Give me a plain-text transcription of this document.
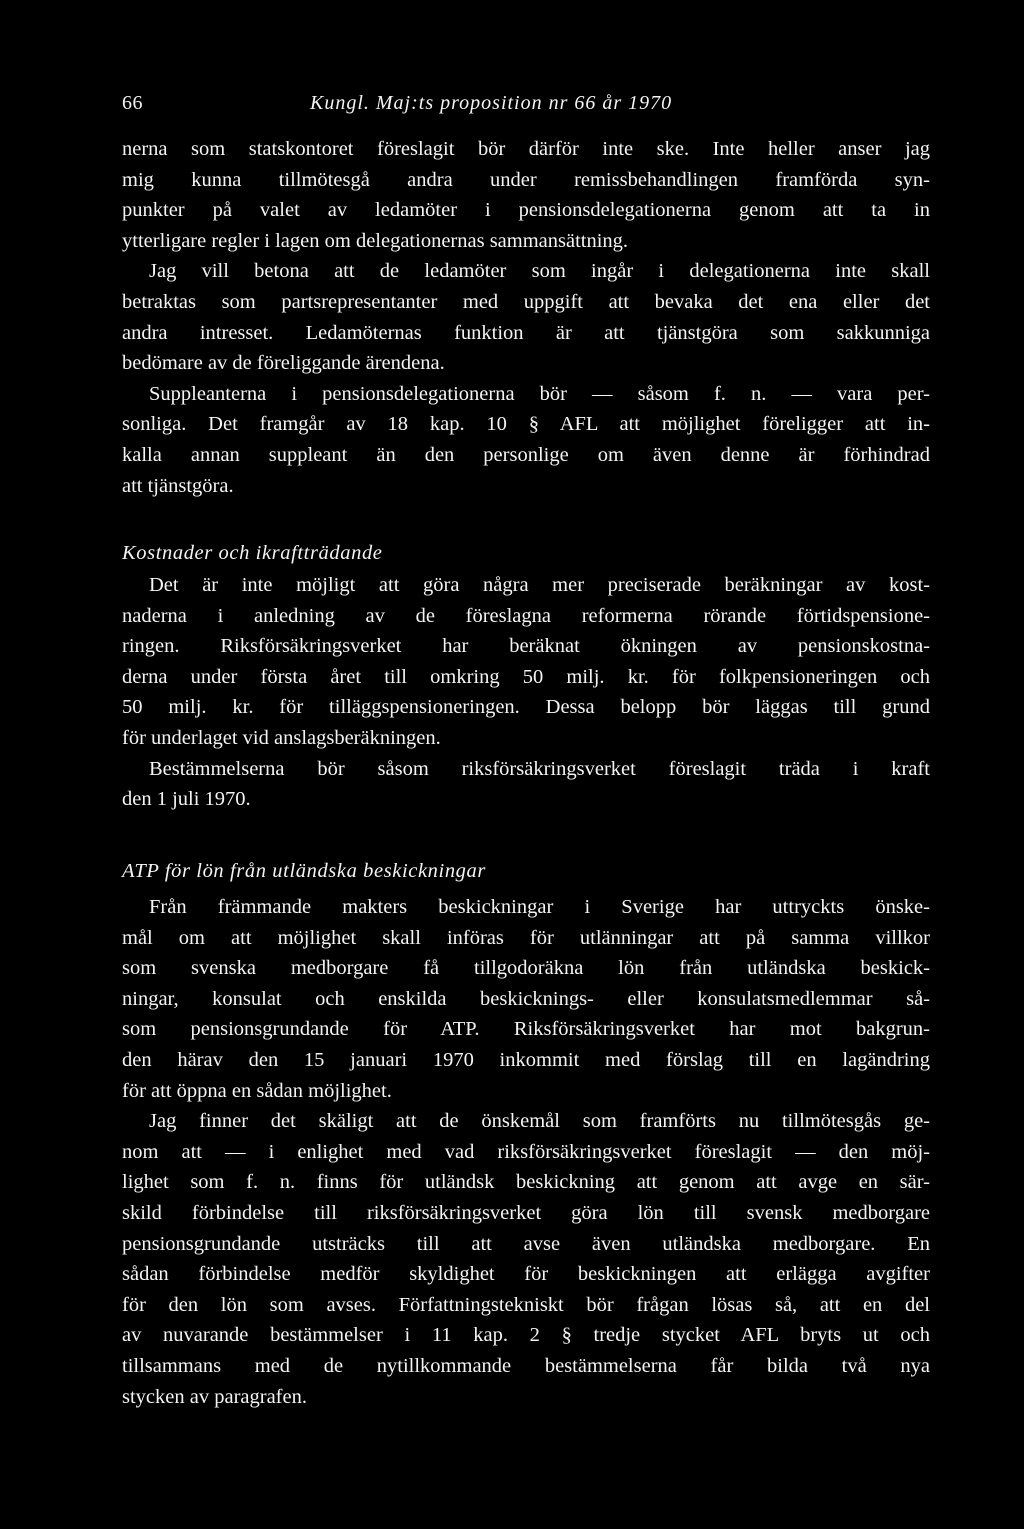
66	Kungl. Maj:ts proposition nr 66 år 1970
nerna som statskontoret föreslagit bör därför inte ske. Inte heller anser jag
mig kunna tillmötesgå andra under remissbehandlingen framförda syn-
punkter på valet av ledamöter i pensionsdelegationerna genom att ta in
ytterligare regler i lagen om delegationernas sammansättning.
Jag vill betona att de ledamöter som ingår i delegationerna inte skall
betraktas som partsrepresentanter med uppgift att bevaka det ena eller det
andra intresset. Ledamöternas funktion är att tjänstgöra som sakkunniga
bedömare av de föreliggande ärendena.
Suppleanterna i pensionsdelegationerna bör — såsom f. n. — vara per-
sonliga. Det framgår av 18 kap. 10 § AFL att möjlighet föreligger att in-
kalla annan suppleant än den personlige om även denne är förhindrad
att tjänstgöra.
Kostnader och ikraftträdande
Det är inte möjligt att göra några mer preciserade beräkningar av kost-
naderna i anledning av de föreslagna reformerna rörande förtidspensione-
ringen. Riksförsäkringsverket har beräknat ökningen av pensionskostna-
derna under första året till omkring 50 milj. kr. för folkpensioneringen och
50 milj. kr. för tilläggspensioneringen. Dessa belopp bör läggas till grund
för underlaget vid anslagsberäkningen.
Bestämmelserna bör såsom riksförsäkringsverket föreslagit träda i kraft
den 1 juli 1970.
ATP för lön från utländska beskickningar
Från främmande makters beskickningar i Sverige har uttryckts önske-
mål om att möjlighet skall införas för utlänningar att på samma villkor
som svenska medborgare få tillgodoräkna lön från utländska beskick-
ningar, konsulat och enskilda beskicknings- eller konsulatsmedlemmar så-
som pensionsgrundande för ATP. Riksförsäkringsverket har mot bakgrun-
den härav den 15 januari 1970 inkommit med förslag till en lagändring
för att öppna en sådan möjlighet.
Jag finner det skäligt att de önskemål som framförts nu tillmötesgås ge-
nom att — i enlighet med vad riksförsäkringsverket föreslagit — den möj-
lighet som f. n. finns för utländsk beskickning att genom att avge en sär-
skild förbindelse till riksförsäkringsverket göra lön till svensk medborgare
pensionsgrundande utsträcks till att avse även utländska medborgare. En
sådan förbindelse medför skyldighet för beskickningen att erlägga avgifter
för den lön som avses. Författningstekniskt bör frågan lösas så, att en del
av nuvarande bestämmelser i 11 kap. 2 § tredje stycket AFL bryts ut och
tillsammans med de nytillkommande bestämmelserna får bilda två nya
stycken av paragrafen.
